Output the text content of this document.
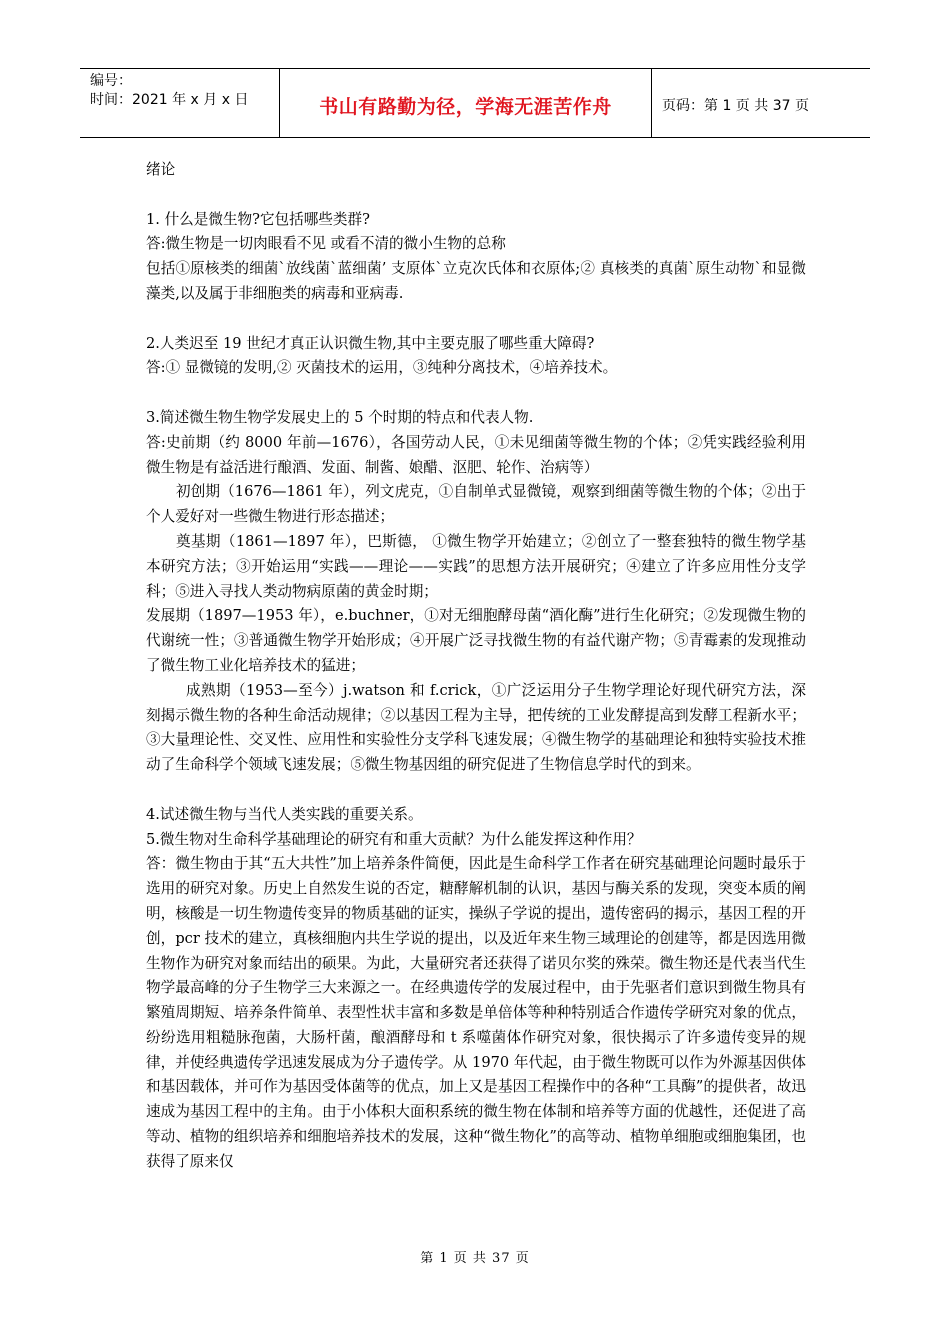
编号：
时间：2021 年 x 月 x 日	书山有路勤为径，学海无涯苦作舟	页码：第 1 页 共 37 页

绪论

1. 什么是微生物?它包括哪些类群?

答:微生物是一切肉眼看不见 或看不清的微小生物的总称

包括①原核类的细菌`放线菌`蓝细菌’ 支原体`立克次氏体和衣原体;② 真核类的真菌`原生动物`和显微藻类,以及属于非细胞类的病毒和亚病毒.

2.人类迟至 19 世纪才真正认识微生物,其中主要克服了哪些重大障碍?

答:① 显微镜的发明,② 灭菌技术的运用，③纯种分离技术，④培养技术。

3.简述微生物生物学发展史上的 5 个时期的特点和代表人物.

答:史前期（约 8000 年前—1676），各国劳动人民，①未见细菌等微生物的个体；②凭实践经验利用微生物是有益活进行酿酒、发面、制酱、娘醋、沤肥、轮作、治病等）

初创期（1676—1861 年），列文虎克，①自制单式显微镜，观察到细菌等微生物的个体；②出于个人爱好对一些微生物进行形态描述；

奠基期（1861—1897 年），巴斯德， ①微生物学开始建立；②创立了一整套独特的微生物学基本研究方法；③开始运用“实践——理论——实践”的思想方法开展研究；④建立了许多应用性分支学科；⑤进入寻找人类动物病原菌的黄金时期；

发展期（1897—1953 年），e.buchner，①对无细胞酵母菌“酒化酶”进行生化研究；②发现微生物的代谢统一性；③普通微生物学开始形成；④开展广泛寻找微生物的有益代谢产物；⑤青霉素的发现推动了微生物工业化培养技术的猛进；

成熟期（1953—至今）j.watson 和 f.crick，①广泛运用分子生物学理论好现代研究方法，深刻揭示微生物的各种生命活动规律；②以基因工程为主导，把传统的工业发酵提高到发酵工程新水平；③大量理论性、交叉性、应用性和实验性分支学科飞速发展；④微生物学的基础理论和独特实验技术推动了生命科学个领域飞速发展；⑤微生物基因组的研究促进了生物信息学时代的到来。

4.试述微生物与当代人类实践的重要关系。

5.微生物对生命科学基础理论的研究有和重大贡献？为什么能发挥这种作用？

答：微生物由于其“五大共性”加上培养条件简便，因此是生命科学工作者在研究基础理论问题时最乐于选用的研究对象。历史上自然发生说的否定，糖酵解机制的认识，基因与酶关系的发现，突变本质的阐明，核酸是一切生物遗传变异的物质基础的证实，操纵子学说的提出，遗传密码的揭示，基因工程的开创，pcr 技术的建立，真核细胞内共生学说的提出，以及近年来生物三域理论的创建等，都是因选用微生物作为研究对象而结出的硕果。为此，大量研究者还获得了诺贝尔奖的殊荣。微生物还是代表当代生物学最高峰的分子生物学三大来源之一。在经典遗传学的发展过程中，由于先驱者们意识到微生物具有繁殖周期短、培养条件简单、表型性状丰富和多数是单倍体等种种特别适合作遗传学研究对象的优点，纷纷选用粗糙脉孢菌，大肠杆菌，酿酒酵母和 t 系噬菌体作研究对象，很快揭示了许多遗传变异的规律，并使经典遗传学迅速发展成为分子遗传学。从 1970 年代起，由于微生物既可以作为外源基因供体和基因载体，并可作为基因受体菌等的优点，加上又是基因工程操作中的各种“工具酶”的提供者，故迅速成为基因工程中的主角。由于小体积大面积系统的微生物在体制和培养等方面的优越性，还促进了高等动、植物的组织培养和细胞培养技术的发展，这种“微生物化”的高等动、植物单细胞或细胞集团，也获得了原来仅

第 1 页 共 37 页
